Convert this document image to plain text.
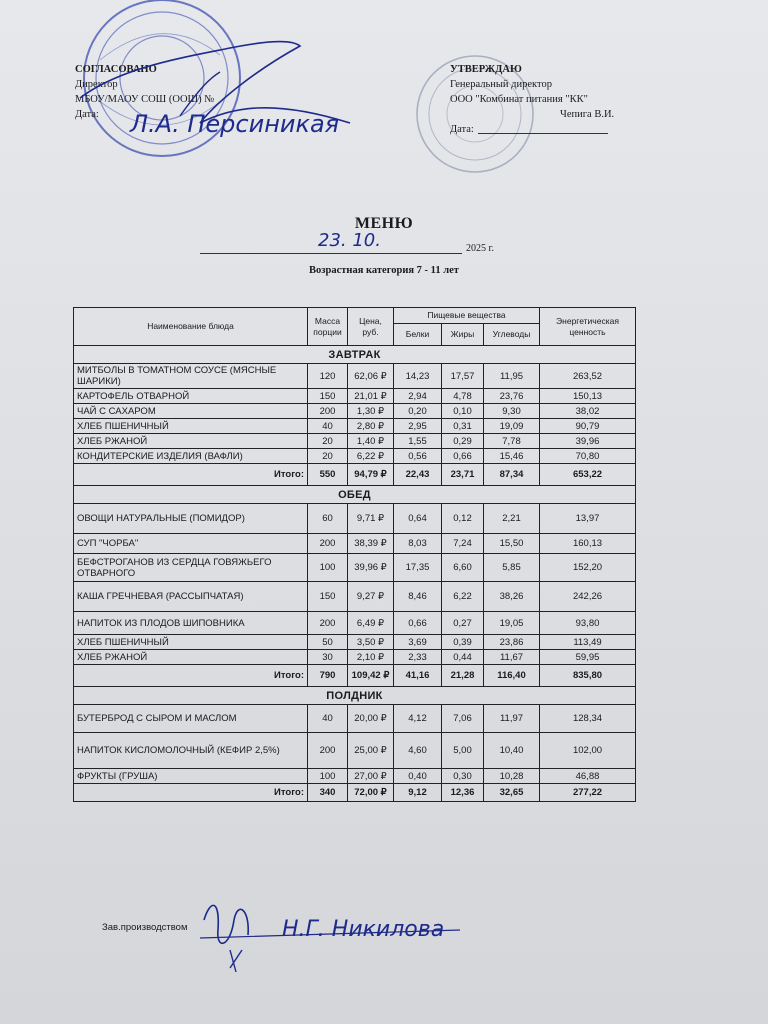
СОГЛАСОВАНО
Директор
МБОУ/МАОУ СОШ (ООШ) №
Дата:	Л.А. Персиникая
УТВЕРЖДАЮ
Генеральный директор
ООО "Комбинат питания "КК"
Чепига В.И.
Дата:
МЕНЮ
23. 10.	2025 г.
Возрастная категория 7 - 11 лет
Наименование блюда	Масса порции	Цена, руб.	Пищевые вещества			Энергетическая ценность
			Белки	Жиры	Углеводы	
ЗАВТРАК						
МИТБОЛЫ В ТОМАТНОМ СОУСЕ (МЯСНЫЕ ШАРИКИ)	120	62,06 ₽	14,23	17,57	11,95	263,52
КАРТОФЕЛЬ ОТВАРНОЙ	150	21,01 ₽	2,94	4,78	23,76	150,13
ЧАЙ С САХАРОМ	200	1,30 ₽	0,20	0,10	9,30	38,02
ХЛЕБ ПШЕНИЧНЫЙ	40	2,80 ₽	2,95	0,31	19,09	90,79
ХЛЕБ РЖАНОЙ	20	1,40 ₽	1,55	0,29	7,78	39,96
КОНДИТЕРСКИЕ ИЗДЕЛИЯ (ВАФЛИ)	20	6,22 ₽	0,56	0,66	15,46	70,80
Итого:	550	94,79 ₽	22,43	23,71	87,34	653,22
ОБЕД						
ОВОЩИ НАТУРАЛЬНЫЕ (ПОМИДОР)	60	9,71 ₽	0,64	0,12	2,21	13,97
СУП "ЧОРБА"	200	38,39 ₽	8,03	7,24	15,50	160,13
БЕФСТРОГАНОВ ИЗ СЕРДЦА ГОВЯЖЬЕГО ОТВАРНОГО	100	39,96 ₽	17,35	6,60	5,85	152,20
КАША ГРЕЧНЕВАЯ (РАССЫПЧАТАЯ)	150	9,27 ₽	8,46	6,22	38,26	242,26
НАПИТОК ИЗ ПЛОДОВ ШИПОВНИКА	200	6,49 ₽	0,66	0,27	19,05	93,80
ХЛЕБ ПШЕНИЧНЫЙ	50	3,50 ₽	3,69	0,39	23,86	113,49
ХЛЕБ РЖАНОЙ	30	2,10 ₽	2,33	0,44	11,67	59,95
Итого:	790	109,42 ₽	41,16	21,28	116,40	835,80
ПОЛДНИК						
БУТЕРБРОД С СЫРОМ И МАСЛОМ	40	20,00 ₽	4,12	7,06	11,97	128,34
НАПИТОК КИСЛОМОЛОЧНЫЙ (КЕФИР 2,5%)	200	25,00 ₽	4,60	5,00	10,40	102,00
ФРУКТЫ (ГРУША)	100	27,00 ₽	0,40	0,30	10,28	46,88
Итого:	340	72,00 ₽	9,12	12,36	32,65	277,22
Зав.производством	Н.Г. Никилова
